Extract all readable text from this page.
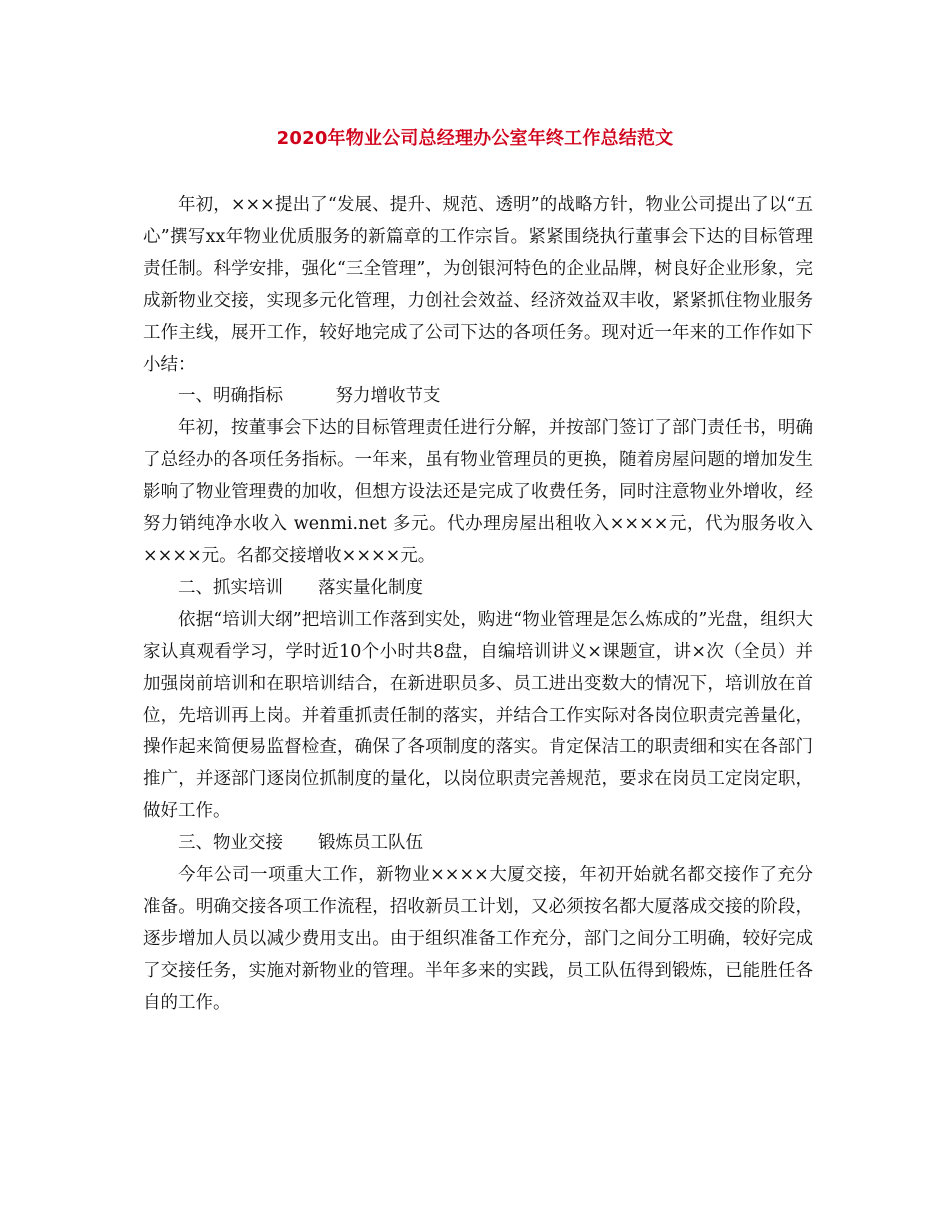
2020年物业公司总经理办公室年终工作总结范文

年初，×××提出了“发展、提升、规范、透明”的战略方针，物业公司提出了以“五心”撰写xx年物业优质服务的新篇章的工作宗旨。紧紧围绕执行董事会下达的目标管理责任制。科学安排，强化“三全管理”，为创银河特色的企业品牌，树良好企业形象，完成新物业交接，实现多元化管理，力创社会效益、经济效益双丰收，紧紧抓住物业服务工作主线，展开工作，较好地完成了公司下达的各项任务。现对近一年来的工作作如下小结：

一、明确指标　　　努力增收节支

年初，按董事会下达的目标管理责任进行分解，并按部门签订了部门责任书，明确了总经办的各项任务指标。一年来，虽有物业管理员的更换，随着房屋问题的增加发生影响了物业管理费的加收，但想方设法还是完成了收费任务，同时注意物业外增收，经努力销纯净水收入 wenmi.net 多元。代办理房屋出租收入××××元，代为服务收入××××元。名都交接增收××××元。

二、抓实培训　　落实量化制度

依据“培训大纲”把培训工作落到实处，购进“物业管理是怎么炼成的”光盘，组织大家认真观看学习，学时近10个小时共8盘，自编培训讲义×课题宣，讲×次（全员）并加强岗前培训和在职培训结合，在新进职员多、员工进出变数大的情况下，培训放在首位，先培训再上岗。并着重抓责任制的落实，并结合工作实际对各岗位职责完善量化，操作起来简便易监督检查，确保了各项制度的落实。肯定保洁工的职责细和实在各部门推广，并逐部门逐岗位抓制度的量化，以岗位职责完善规范，要求在岗员工定岗定职，做好工作。

三、物业交接　　锻炼员工队伍

今年公司一项重大工作，新物业××××大厦交接，年初开始就名都交接作了充分准备。明确交接各项工作流程，招收新员工计划，又必须按名都大厦落成交接的阶段，逐步增加人员以减少费用支出。由于组织准备工作充分，部门之间分工明确，较好完成了交接任务，实施对新物业的管理。半年多来的实践，员工队伍得到锻炼，已能胜任各自的工作。
